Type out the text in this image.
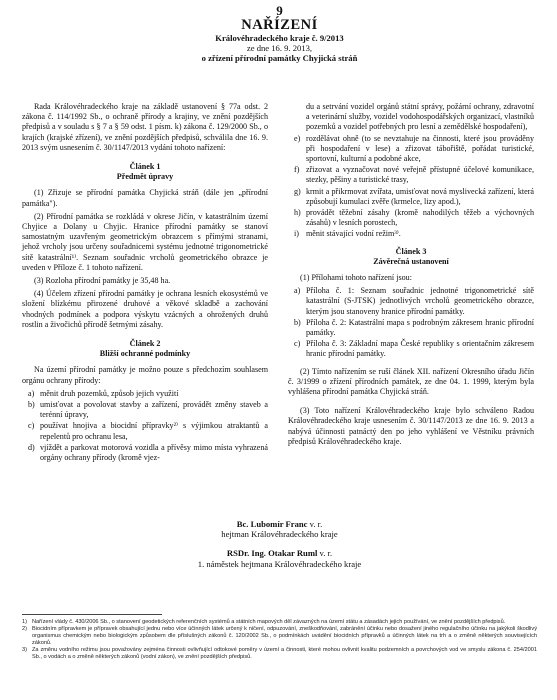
9
NAŘÍZENÍ
Královéhradeckého kraje č. 9/2013
ze dne 16. 9. 2013,
o zřízení přírodní památky Chyjická stráň

Rada Královéhradeckého kraje na základě ustanovení § 77a odst. 2 zákona č. 114/1992 Sb., o ochraně přírody a krajiny, ve znění pozdějších předpisů a v souladu s § 7 a § 59 odst. 1 písm. k) zákona č. 129/2000 Sb., o krajích (krajské zřízení), ve znění pozdějších předpisů, schválila dne 16. 9. 2013 svým usnesením č. 30/1147/2013 vydání tohoto nařízení:

Článek 1

Předmět úpravy

(1) Zřizuje se přírodní památka Chyjická stráň (dále jen „přírodní památka").

(2) Přírodní památka se rozkládá v okrese Jičín, v katastrálním území Chyjice a Dolany u Chyjic. Hranice přírodní památky se stanoví samostatným uzavřeným geometrickým obrazcem s přímými stranami, jehož vrcholy jsou určeny souřadnicemi systému jednotné trigonometrické sítě katastrální¹⁾. Seznam souřadnic vrcholů geometrického obrazce je uveden v Příloze č. 1 tohoto nařízení.

(3) Rozloha přírodní památky je 35,48 ha.

(4) Účelem zřízení přírodní památky je ochrana lesních ekosystémů ve složení blízkému přirozené druhové a věkové skladbě a zachování vhodných podmínek a podpora výskytu vzácných a ohrožených druhů rostlin a živočichů přírodě šetrnými zásahy.

Článek 2

Bližší ochranné podmínky

Na území přírodní památky je možno pouze s předchozím souhlasem orgánu ochrany přírody:

a) měnit druh pozemků, způsob jejich využití
b) umisťovat a povolovat stavby a zařízení, provádět změny staveb a terénní úpravy,
c) používat hnojiva a biocidní přípravky²⁾ s výjimkou atraktantů a repelentů pro ochranu lesa,
d) vjíždět a parkovat motorová vozidla a přívěsy mimo místa vyhrazená orgány ochrany přírody (kromě vjez-
du a setrvání vozidel orgánů státní správy, požární ochrany, zdravotní a veterinární služby, vozidel vodohospodářských organizací, vlastníků pozemků a vozidel potřebných pro lesní a zemědělské hospodaření),
e) rozdělávat ohně (to se nevztahuje na činnosti, které jsou prováděny při hospodaření v lese) a zřizovat tábořiště, pořádat turistické, sportovní, kulturní a podobné akce,
f) zřizovat a vyznačovat nové veřejně přístupné účelové komunikace, stezky, pěšiny a turistické trasy,
g) krmit a přikrmovat zvířata, umisťovat nová myslivecká zařízení, která způsobují kumulaci zvěře (krmelce, lizy apod.),
h) provádět těžební zásahy (kromě nahodilých těžeb a výchovných zásahů) v lesních porostech,
i) měnit stávající vodní režim³⁾.

Článek 3

Závěrečná ustanovení

(1) Přílohami tohoto nařízení jsou:

a) Příloha č. 1: Seznam souřadnic jednotné trigonometrické sítě katastrální (S-JTSK) jednotlivých vrcholů geometrického obrazce, kterým jsou stanoveny hranice přírodní památky.
b) Příloha č. 2: Katastrální mapa s podrobným zákresem hranic přírodní památky.
c) Příloha č. 3: Základní mapa České republiky s orientačním zákresem hranic přírodní památky.

(2) Tímto nařízením se ruší článek XII. nařízení Okresního úřadu Jičín č. 3/1999 o zřízení přírodních památek, ze dne 04. 1. 1999, kterým byla vyhlášena přírodní památka Chyjická stráň.

(3) Toto nařízení Královéhradeckého kraje bylo schváleno Radou Královéhradeckého kraje usnesením č. 30/1147/2013 ze dne 16. 9. 2013 a nabývá účinnosti patnáctý den po jeho vyhlášení ve Věstníku právních předpisů Královéhradeckého kraje.

Bc. Lubomír Franc v. r.
hejtman Královéhradeckého kraje
RSDr. Ing. Otakar Ruml v. r.
1. náměstek hejtmana Královéhradeckého kraje
1) Nařízení vlády č. 430/2006 Sb., o stanovení geodetických referenčních systémů a státních mapových děl závazných na území státu a zásadách jejich používání, ve znění pozdějších předpisů.
2) Biocidním přípravkem je přípravek obsahující jednu nebo více účinných látek určený k ničení, odpuzování, zneškodňování, zabránění účinku nebo dosažení jiného regulačního účinku na jakýkoli škodlivý organismus chemickým nebo biologickým způsobem dle příslušných zákonů č. 120/2002 Sb., o podmínkách uvádění biocidních přípravků a účinných látek na trh a o změně některých souvisejících zákonů.
3) Za změnu vodního režimu jsou považovány zejména činnosti ovlivňující odtokové poměry v území a činnosti, které mohou ovlivnit kvalitu podzemních a povrchových vod ve smyslu zákona č. 254/2001 Sb., o vodách a o změně některých zákonů (vodní zákon), ve znění pozdějších předpisů.
